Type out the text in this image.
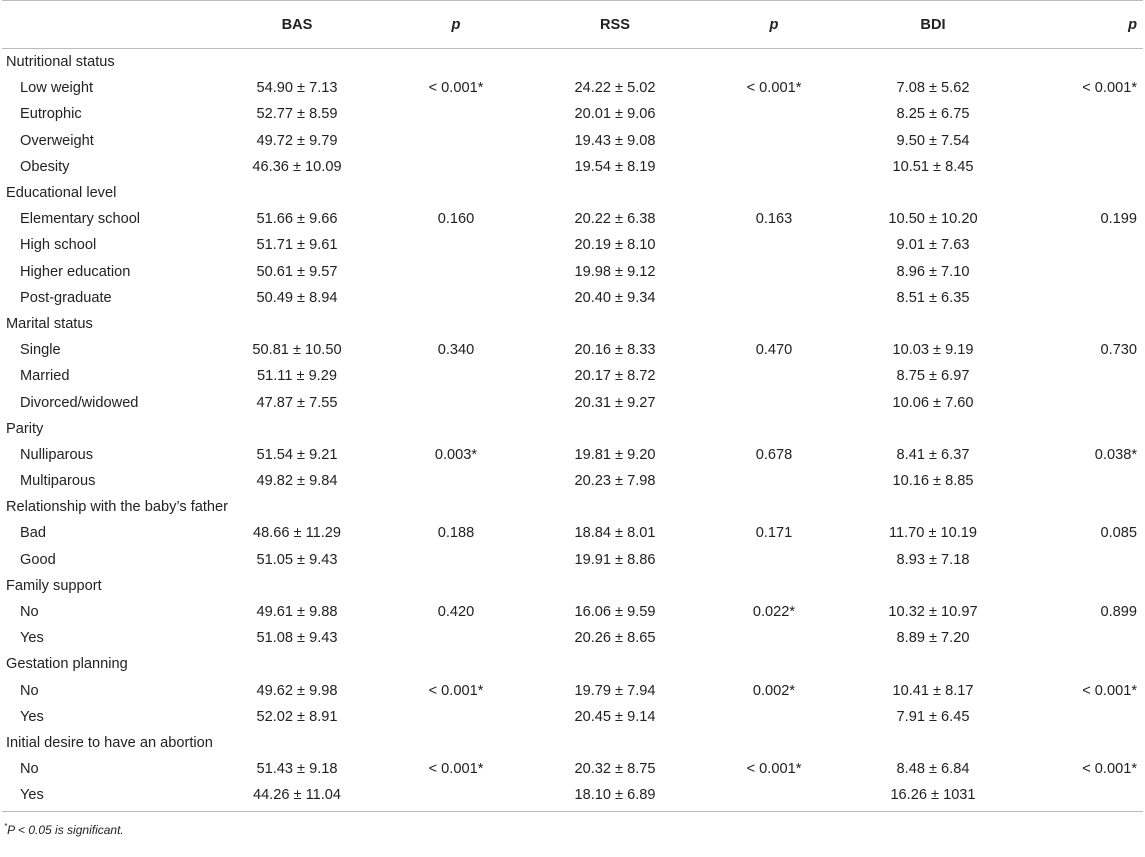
	BAS	p	RSS	p	BDI	p
Nutritional status						
Low weight	54.90 ± 7.13	< 0.001*	24.22 ± 5.02	< 0.001*	7.08 ± 5.62	< 0.001*
Eutrophic	52.77 ± 8.59		20.01 ± 9.06		8.25 ± 6.75	
Overweight	49.72 ± 9.79		19.43 ± 9.08		9.50 ± 7.54	
Obesity	46.36 ± 10.09		19.54 ± 8.19		10.51 ± 8.45	
Educational level						
Elementary school	51.66 ± 9.66	0.160	20.22 ± 6.38	0.163	10.50 ± 10.20	0.199
High school	51.71 ± 9.61		20.19 ± 8.10		9.01 ± 7.63	
Higher education	50.61 ± 9.57		19.98 ± 9.12		8.96 ± 7.10	
Post-graduate	50.49 ± 8.94		20.40 ± 9.34		8.51 ± 6.35	
Marital status						
Single	50.81 ± 10.50	0.340	20.16 ± 8.33	0.470	10.03 ± 9.19	0.730
Married	51.11 ± 9.29		20.17 ± 8.72		8.75 ± 6.97	
Divorced/widowed	47.87 ± 7.55		20.31 ± 9.27		10.06 ± 7.60	
Parity						
Nulliparous	51.54 ± 9.21	0.003*	19.81 ± 9.20	0.678	8.41 ± 6.37	0.038*
Multiparous	49.82 ± 9.84		20.23 ± 7.98		10.16 ± 8.85	
Relationship with the baby’s father						
Bad	48.66 ± 11.29	0.188	18.84 ± 8.01	0.171	11.70 ± 10.19	0.085
Good	51.05 ± 9.43		19.91 ± 8.86		8.93 ± 7.18	
Family support						
No	49.61 ± 9.88	0.420	16.06 ± 9.59	0.022*	10.32 ± 10.97	0.899
Yes	51.08 ± 9.43		20.26 ± 8.65		8.89 ± 7.20	
Gestation planning						
No	49.62 ± 9.98	< 0.001*	19.79 ± 7.94	0.002*	10.41 ± 8.17	< 0.001*
Yes	52.02 ± 8.91		20.45 ± 9.14		7.91 ± 6.45	
Initial desire to have an abortion						
No	51.43 ± 9.18	< 0.001*	20.32 ± 8.75	< 0.001*	8.48 ± 6.84	< 0.001*
Yes	44.26 ± 11.04		18.10 ± 6.89		16.26 ± 1031	
*P < 0.05 is significant.
